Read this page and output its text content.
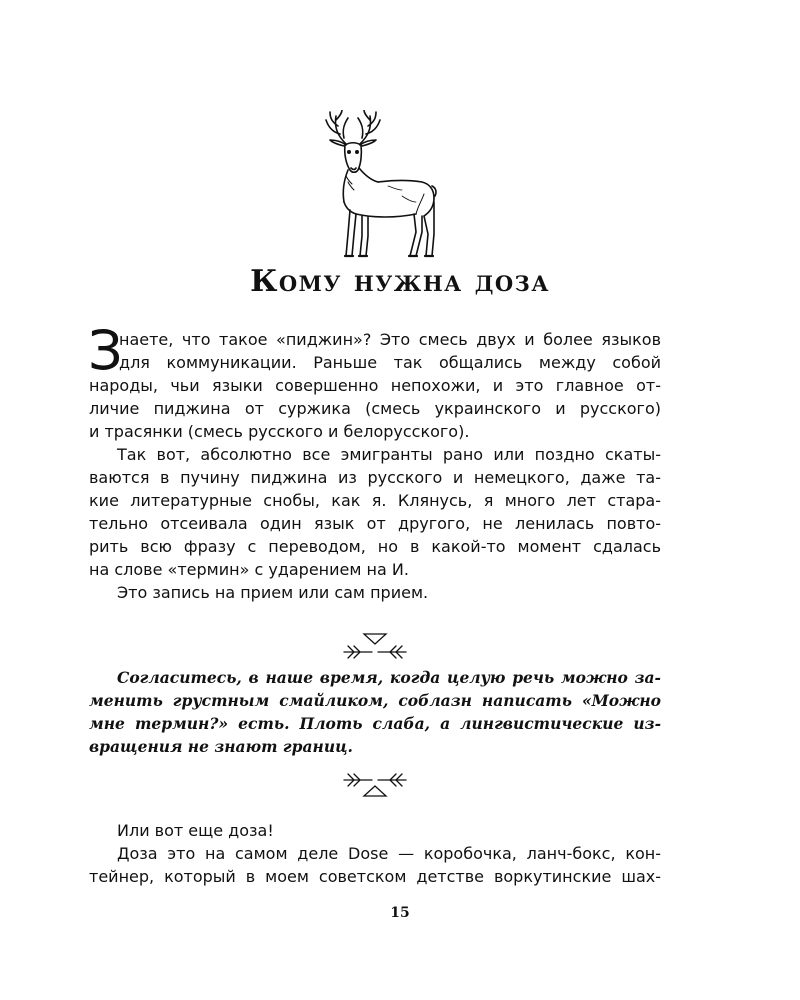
Кому нужна доза
З
наете, что такое «пиджин»? Это смесь двух и более языков
для коммуникации. Раньше так общались между собой
народы, чьи языки совершенно непохожи, и это главное от-
личие пиджина от суржика (смесь украинского и русского)
и трасянки (смесь русского и белорусского).
Так вот, абсолютно все эмигранты рано или поздно скаты-
ваются в пучину пиджина из русского и немецкого, даже та-
кие литературные снобы, как я. Клянусь, я много лет стара-
тельно отсеивала один язык от другого, не ленилась повто-
рить всю фразу с переводом, но в какой-то момент сдалась
на слове «термин» с ударением на И.
Это запись на прием или сам прием.
Согласитесь, в наше время, когда целую речь можно за-
менить грустным смайликом, соблазн написать «Можно
мне термин?» есть. Плоть слаба, а лингвистические из-
вращения не знают границ.
Или вот еще доза!
Доза это на самом деле Dose — коробочка, ланч-бокс, кон-
тейнер, который в моем советском детстве воркутинские шах-
15
